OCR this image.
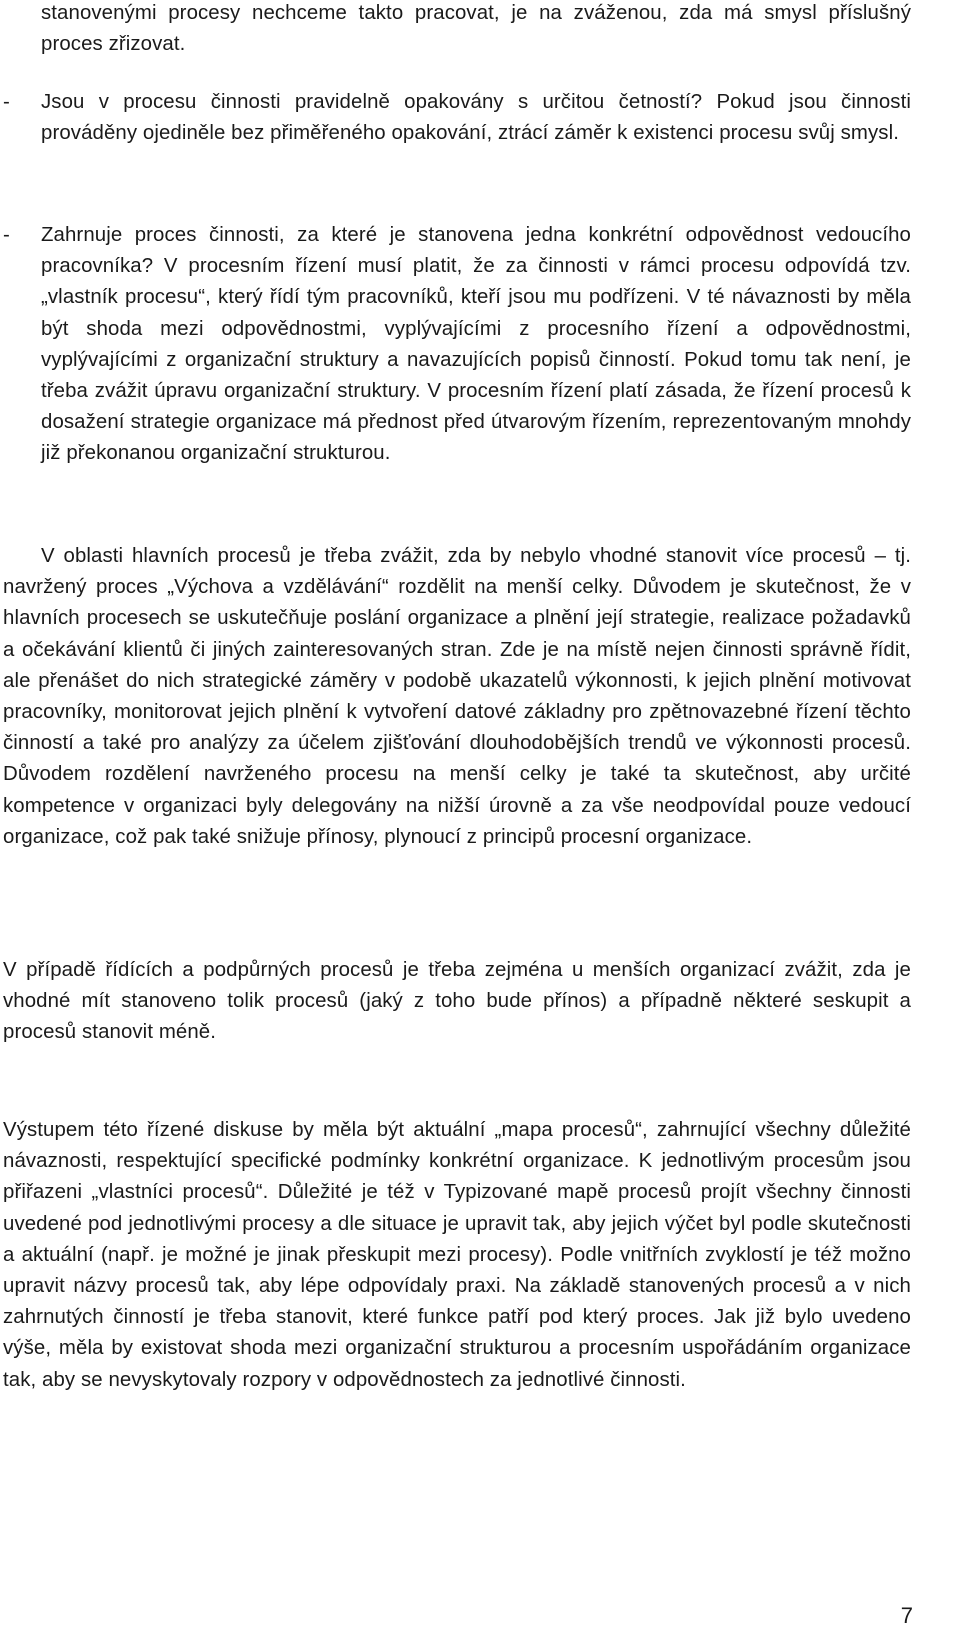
stanovenými procesy nechceme takto pracovat, je na zváženou, zda má smysl příslušný proces zřizovat.

-	Jsou v procesu činnosti pravidelně opakovány s určitou četností? Pokud jsou činnosti prováděny ojediněle bez přiměřeného opakování, ztrácí záměr k existenci procesu svůj smysl.

-	Zahrnuje proces činnosti, za které je stanovena jedna konkrétní odpovědnost vedoucího pracovníka? V procesním řízení musí platit, že za činnosti v rámci procesu odpovídá tzv. „vlastník procesu“, který řídí tým pracovníků, kteří jsou mu podřízeni. V té návaznosti by měla být shoda mezi odpovědnostmi, vyplývajícími z procesního řízení a odpovědnostmi, vyplývajícími z organizační struktury a navazujících popisů činností. Pokud tomu tak není, je třeba zvážit úpravu organizační struktury. V procesním řízení platí zásada, že řízení procesů k dosažení strategie organizace má přednost před útvarovým řízením, reprezentovaným mnohdy již překonanou organizační strukturou.

V oblasti hlavních procesů je třeba zvážit, zda by nebylo vhodné stanovit více procesů – tj. navržený proces „Výchova a vzdělávání“ rozdělit na menší celky. Důvodem je skutečnost, že v hlavních procesech se uskutečňuje poslání organizace a plnění její strategie, realizace požadavků a očekávání klientů či jiných zainteresovaných stran. Zde je na místě nejen činnosti správně řídit, ale přenášet do nich strategické záměry v podobě ukazatelů výkonnosti, k jejich plnění motivovat pracovníky, monitorovat jejich plnění k vytvoření datové základny pro zpětnovazebné řízení těchto činností a také pro analýzy za účelem zjišťování dlouhodobějších trendů ve výkonnosti procesů. Důvodem rozdělení navrženého procesu na menší celky je také ta skutečnost, aby určité kompetence v organizaci byly delegovány na nižší úrovně a za vše neodpovídal pouze vedoucí organizace, což pak také snižuje přínosy, plynoucí z principů procesní organizace.

V případě řídících a podpůrných procesů je třeba zejména u menších organizací zvážit, zda je vhodné mít stanoveno tolik procesů (jaký z toho bude přínos) a případně některé seskupit a procesů stanovit méně.

Výstupem této řízené diskuse by měla být aktuální „mapa procesů“, zahrnující všechny důležité návaznosti, respektující specifické podmínky konkrétní organizace. K jednotlivým procesům jsou přiřazeni „vlastníci procesů“. Důležité je též v Typizované mapě procesů projít všechny činnosti uvedené pod jednotlivými procesy a dle situace je upravit tak, aby jejich výčet byl podle skutečnosti a aktuální (např. je možné je jinak přeskupit mezi procesy). Podle vnitřních zvyklostí je též možno upravit názvy procesů tak, aby lépe odpovídaly praxi. Na základě stanovených procesů a v nich zahrnutých činností je třeba stanovit, které funkce patří pod který proces. Jak již bylo uvedeno výše, měla by existovat shoda mezi organizační strukturou a procesním uspořádáním organizace tak, aby se nevyskytovaly rozpory v odpovědnostech za jednotlivé činnosti.

7
